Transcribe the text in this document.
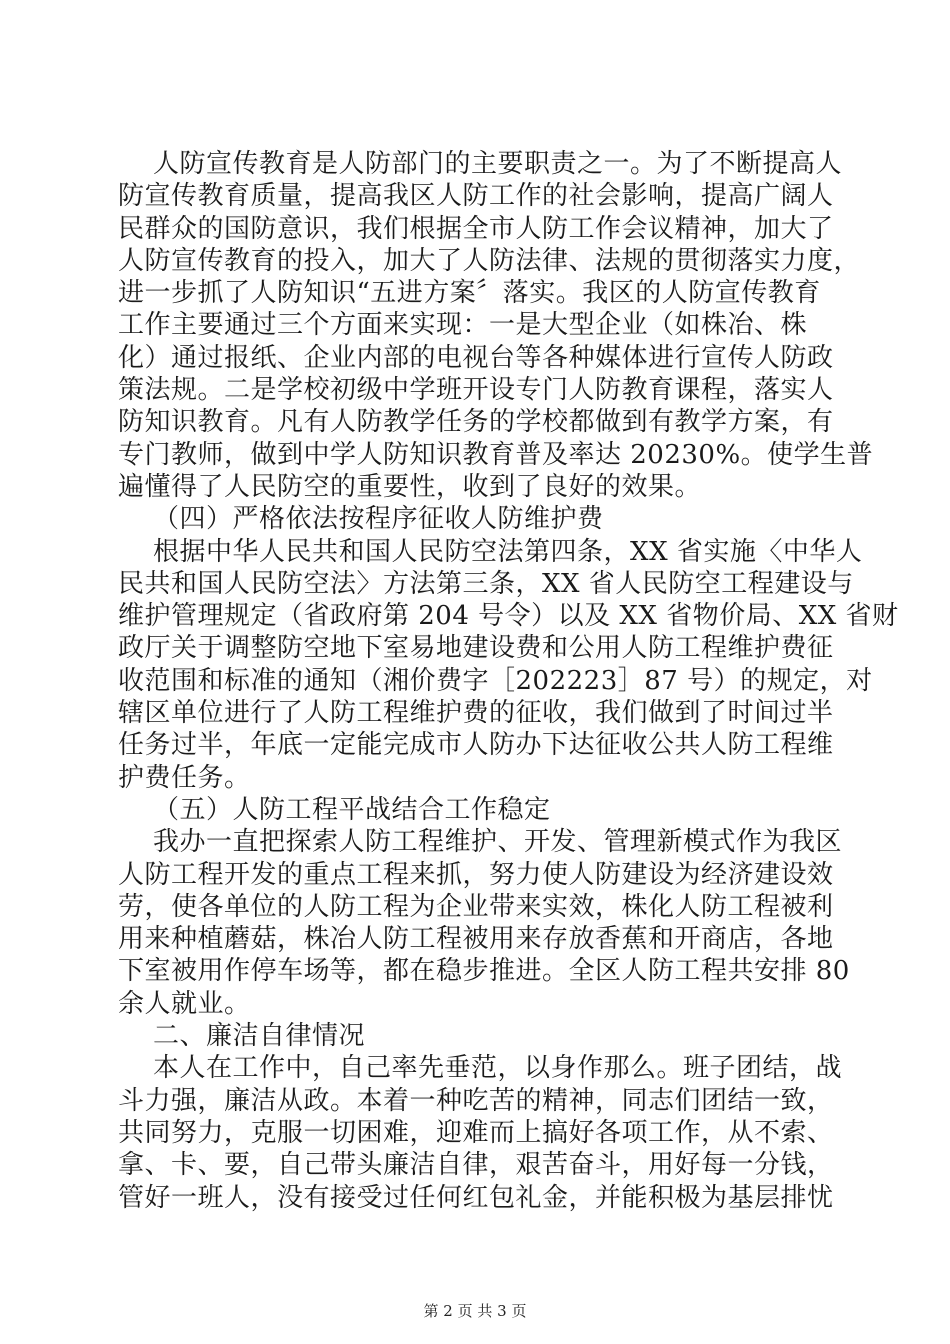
人防宣传教育是人防部门的主要职责之一。为了不断提高人
防宣传教育质量，提高我区人防工作的社会影响，提高广阔人
民群众的国防意识，我们根据全市人防工作会议精神，加大了
人防宣传教育的投入，加大了人防法律、法规的贯彻落实力度，
进一步抓了人防知识“五进方案〞落实。我区的人防宣传教育
工作主要通过三个方面来实现：一是大型企业（如株冶、株
化）通过报纸、企业内部的电视台等各种媒体进行宣传人防政
策法规。二是学校初级中学班开设专门人防教育课程，落实人
防知识教育。凡有人防教学任务的学校都做到有教学方案，有
专门教师，做到中学人防知识教育普及率达 20230%。使学生普
遍懂得了人民防空的重要性，收到了良好的效果。
（四）严格依法按程序征收人防维护费
根据中华人民共和国人民防空法第四条，XX 省实施〈中华人
民共和国人民防空法〉方法第三条，XX 省人民防空工程建设与
维护管理规定（省政府第 204 号令）以及 XX 省物价局、XX 省财
政厅关于调整防空地下室易地建设费和公用人防工程维护费征
收范围和标准的通知（湘价费字［202223］87 号）的规定，对
辖区单位进行了人防工程维护费的征收，我们做到了时间过半
任务过半，年底一定能完成市人防办下达征收公共人防工程维
护费任务。
（五）人防工程平战结合工作稳定
我办一直把探索人防工程维护、开发、管理新模式作为我区
人防工程开发的重点工程来抓，努力使人防建设为经济建设效
劳，使各单位的人防工程为企业带来实效，株化人防工程被利
用来种植蘑菇，株冶人防工程被用来存放香蕉和开商店，各地
下室被用作停车场等，都在稳步推进。全区人防工程共安排 80
余人就业。
二、廉洁自律情况
本人在工作中，自己率先垂范，以身作那么。班子团结，战
斗力强，廉洁从政。本着一种吃苦的精神，同志们团结一致，
共同努力，克服一切困难，迎难而上搞好各项工作，从不索、
拿、卡、要，自己带头廉洁自律，艰苦奋斗，用好每一分钱，
管好一班人，没有接受过任何红包礼金，并能积极为基层排忧
第 2 页 共 3 页
